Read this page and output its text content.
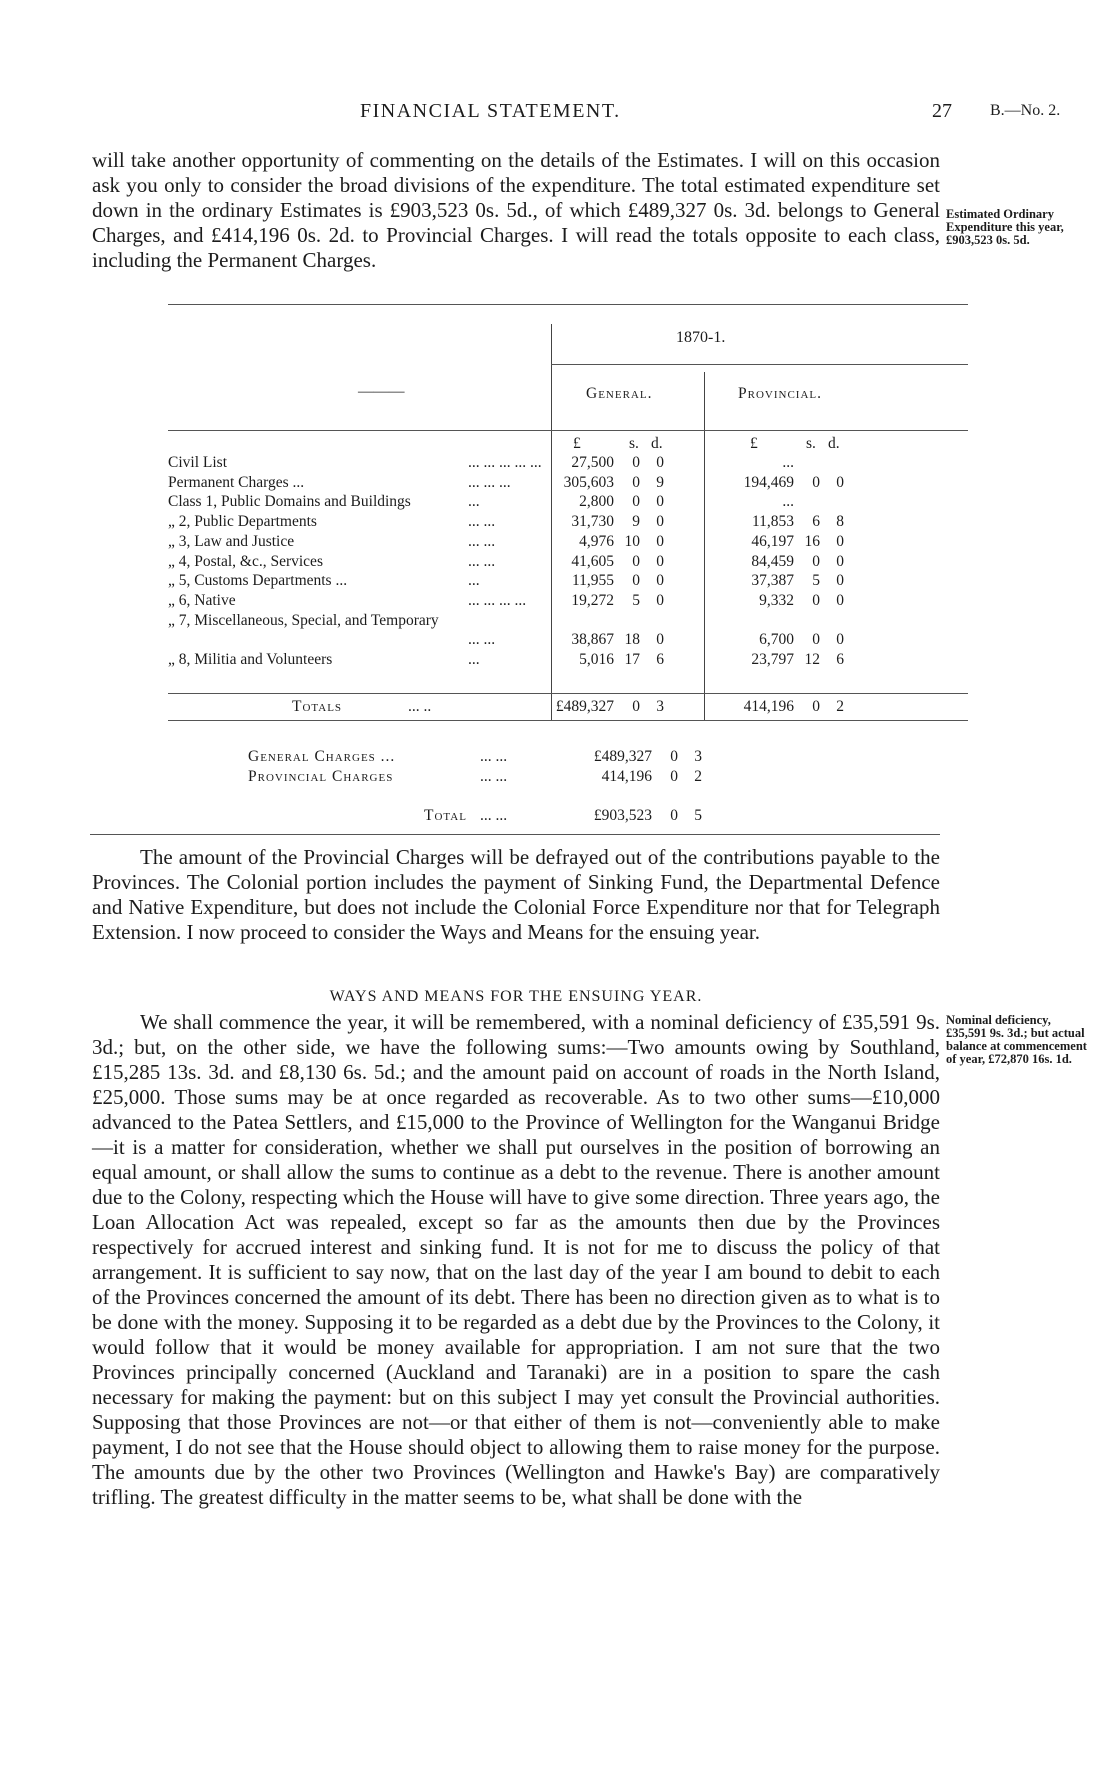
FINANCIAL STATEMENT.	27 B.—No. 2.

will take another opportunity of commenting on the details of the Estimates. I will on this occasion ask you only to consider the broad divisions of the expenditure. The total estimated expenditure set down in the ordinary Estimates is £903,523 0s. 5d., of which £489,327 0s. 3d. belongs to General Charges, and £414,196 0s. 2d. to Provincial Charges. I will read the totals opposite to each class, including the Permanent Charges.

Estimated Ordinary Expenditure this year, £903,523 0s. 5d.
1870-1.
———	General.	Provincial.
£	s. d.	£	s. d.
Civil List	... ... ... ... ...	27,500	0	0	...
Permanent Charges ...	... ... ...	305,603	0	9	194,469	0	0
Class 1, Public Domains and Buildings	...	2,800	0	0	...
„ 2, Public Departments	... ...	31,730	9	0	11,853	6	8
„ 3, Law and Justice	... ...	4,976 10	0	46,197 16	0
„ 4, Postal, &c., Services	... ...	41,605	0	0	84,459	0	0
„ 5, Customs Departments ...	...	11,955	0	0	37,387	5	0
„ 6, Native	... ... ... ...	19,272	5	0	9,332	0	0
„ 7, Miscellaneous, Special, and Temporary
... ...	38,867 18	0	6,700	0	0
„ 8, Militia and Volunteers	...	5,016 17	6	23,797 12	6
Totals	... ..	£489,327	0	3	414,196	0	2
General Charges ...	... ...	£489,327	0	3
Provincial Charges	... ...	414,196	0	2
Total ... ...	£903,523	0	5

The amount of the Provincial Charges will be defrayed out of the contributions payable to the Provinces. The Colonial portion includes the payment of Sinking Fund, the Departmental Defence and Native Expenditure, but does not include the Colonial Force Expenditure nor that for Telegraph Extension. I now proceed to consider the Ways and Means for the ensuing year.

WAYS AND MEANS FOR THE ENSUING YEAR.
Nominal deficiency, £35,591 9s. 3d.; but actual balance at commencement of year, £72,870 16s. 1d.

We shall commence the year, it will be remembered, with a nominal deficiency of £35,591 9s. 3d.; but, on the other side, we have the following sums:—Two amounts owing by Southland, £15,285 13s. 3d. and £8,130 6s. 5d.; and the amount paid on account of roads in the North Island, £25,000. Those sums may be at once regarded as recoverable. As to two other sums—£10,000 advanced to the Patea Settlers, and £15,000 to the Province of Wellington for the Wanganui Bridge—it is a matter for consideration, whether we shall put ourselves in the position of borrowing an equal amount, or shall allow the sums to continue as a debt to the revenue. There is another amount due to the Colony, respecting which the House will have to give some direction. Three years ago, the Loan Allocation Act was repealed, except so far as the amounts then due by the Provinces respectively for accrued interest and sinking fund. It is not for me to discuss the policy of that arrangement. It is sufficient to say now, that on the last day of the year I am bound to debit to each of the Provinces concerned the amount of its debt. There has been no direction given as to what is to be done with the money. Supposing it to be regarded as a debt due by the Provinces to the Colony, it would follow that it would be money available for appropriation. I am not sure that the two Provinces principally concerned (Auckland and Taranaki) are in a position to spare the cash necessary for making the payment: but on this subject I may yet consult the Provincial authorities. Supposing that those Provinces are not—or that either of them is not—conveniently able to make payment, I do not see that the House should object to allowing them to raise money for the purpose. The amounts due by the other two Provinces (Wellington and Hawke's Bay) are comparatively trifling. The greatest difficulty in the matter seems to be, what shall be done with the
